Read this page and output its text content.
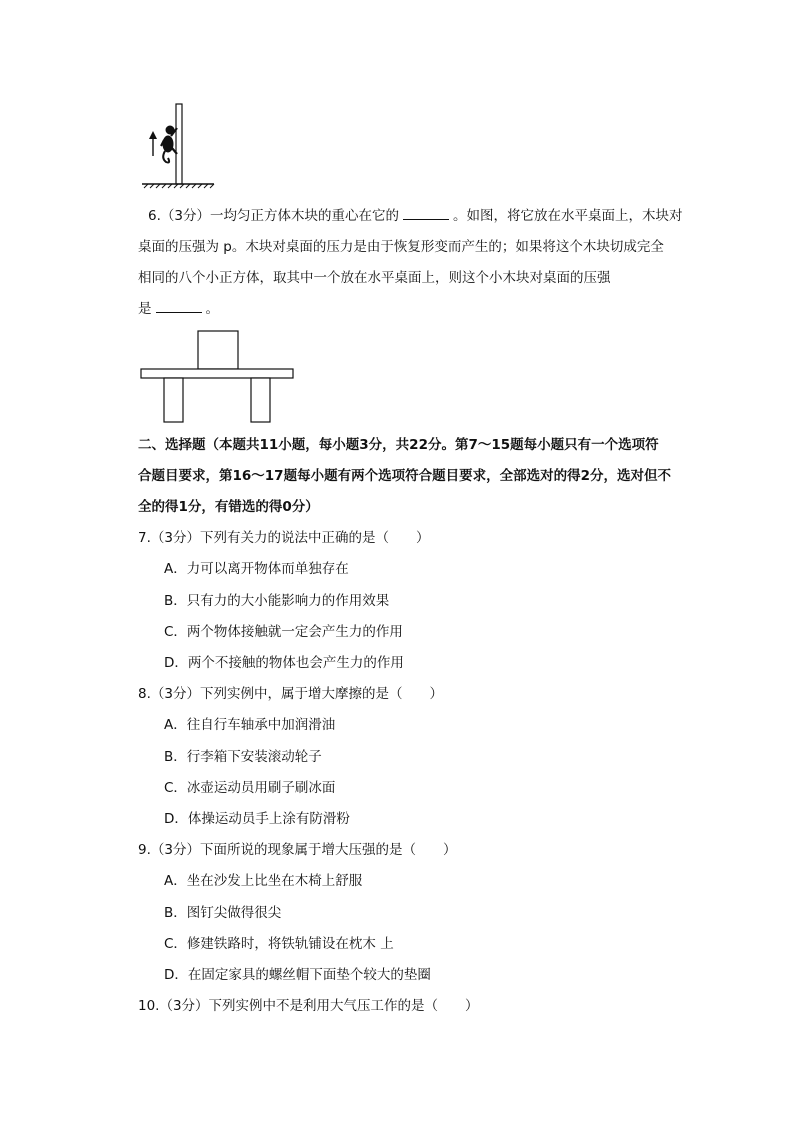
6.（3分）一均匀正方体木块的重心在它的	。如图，将它放在水平桌面上，木块对
桌面的压强为 p。木块对桌面的压力是由于恢复形变而产生的；如果将这个木块切成完全
相同的八个小正方体，取其中一个放在水平桌面上，则这个小木块对桌面的压强
是	。
二、选择题（本题共11小题，每小题3分，共22分。第7～15题每小题只有一个选项符
合题目要求，第16～17题每小题有两个选项符合题目要求，全部选对的得2分，选对但不
全的得1分，有错选的得0分）
7.（3分）下列有关力的说法中正确的是（　　）
A．力可以离开物体而单独存在
B．只有力的大小能影响力的作用效果
C．两个物体接触就一定会产生力的作用
D．两个不接触的物体也会产生力的作用
8.（3分）下列实例中，属于增大摩擦的是（　　）
A．往自行车轴承中加润滑油
B．行李箱下安装滚动轮子
C．冰壶运动员用刷子刷冰面
D．体操运动员手上涂有防滑粉
9.（3分）下面所说的现象属于增大压强的是（　　）
A．坐在沙发上比坐在木椅上舒服
B．图钉尖做得很尖
C．修建铁路时，将铁轨铺设在枕木 上
D．在固定家具的螺丝帽下面垫个较大的垫圈
10.（3分）下列实例中不是利用大气压工作的是（　　）
